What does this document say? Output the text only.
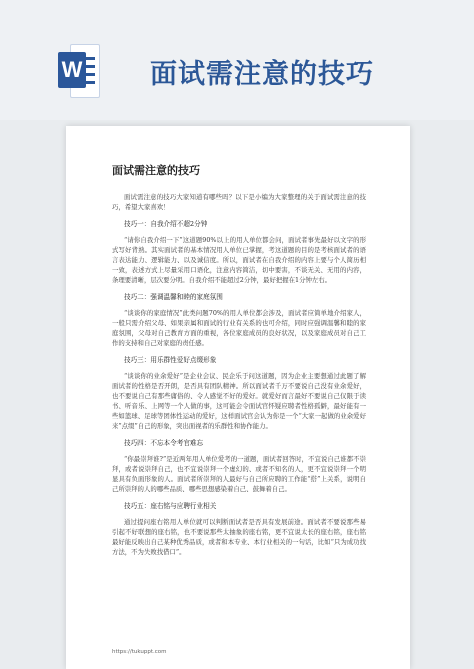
W	面试需注意的技巧
面试需注意的技巧
面试需注意的技巧大家知道有哪些吗？以下是小编为大家整理的关于面试需注意的技巧，希望大家喜欢！
技巧一：自我介绍不超2分钟
“请你自我介绍一下”这道题90%以上的用人单位都会问，面试者事先最好以文字的形式写好背熟。其实面试者的基本情况用人单位已掌握，考这道题的目的是考核面试者的语言表达能力、逻辑能力、以及诚信度。所以，面试者在自我介绍的内容上要与个人简历相一致，表述方式上尽量采用口语化，注意内容简洁，切中要害，不谈无关、无用的内容，条理要清晰，层次要分明。自我介绍不能超过2分钟，最好把握在1分钟左右。
技巧二：强调温馨和睦的家庭氛围
“谈谈你的家庭情况”此类问题70%的用人单位都会涉及，面试者应简单地介绍家人，一般只需介绍父母、如果亲属和面试的行业有关系的也可介绍，同时应强调温馨和睦的家庭氛围，父母对自己教育方面的重视，各位家庭成员的良好状况，以及家庭成员对自己工作的支持和自己对家庭的责任感。
技巧三：用乐群性爱好点缀形象
“谈谈你的业余爱好”是企业会议、民企乐于问这道题，因为企业主要想通过此题了解面试者的性格是否开朗，是否具有团队精神。所以面试者千万不要说自己没有业余爱好，也不要说自己有那些庸俗的、令人感觉不好的爱好。就爱好而言最好不要说自己仅限于读书、听音乐、上网等一个人做的事，这可能会令面试官怀疑应聘者性格孤僻，最好能有一些如篮球、足球等团体性运动的爱好，这样面试官会认为你是一个“大家一起做的业余爱好来”点缀”自己的形象，突出面视者的乐群性和协作能力。
技巧四：不忘本令考官难忘
“你最崇拜谁?”是近两年用人单位爱考的一道题，面试者回答时，不宜说自己谁都不崇拜，或者说崇拜自己，也不宜说崇拜一个虚幻的、或者不知名的人，更不宜说崇拜一个明显具有负面形象的人。面试者所崇拜的人最好与自己所应聘的工作能“搭”上关系，说明自己所崇拜的人的哪些品质、哪些思想感染着自己、鼓舞着自己。
技巧五：座右铭与应聘行业相关
通过提问座右铭用人单位就可以判断面试者是否具有发展前途。面试者不要说那些易引起不好联想的座右铭，也不要说那些太抽象的座右铭，更不宜说太长的座右铭，座右铭最好能反映出自己某种优秀品质，或者和本专业、本行业相关的一句话，比如“只为成功找方法，不为失败找借口”。
https://tukuppt.com
